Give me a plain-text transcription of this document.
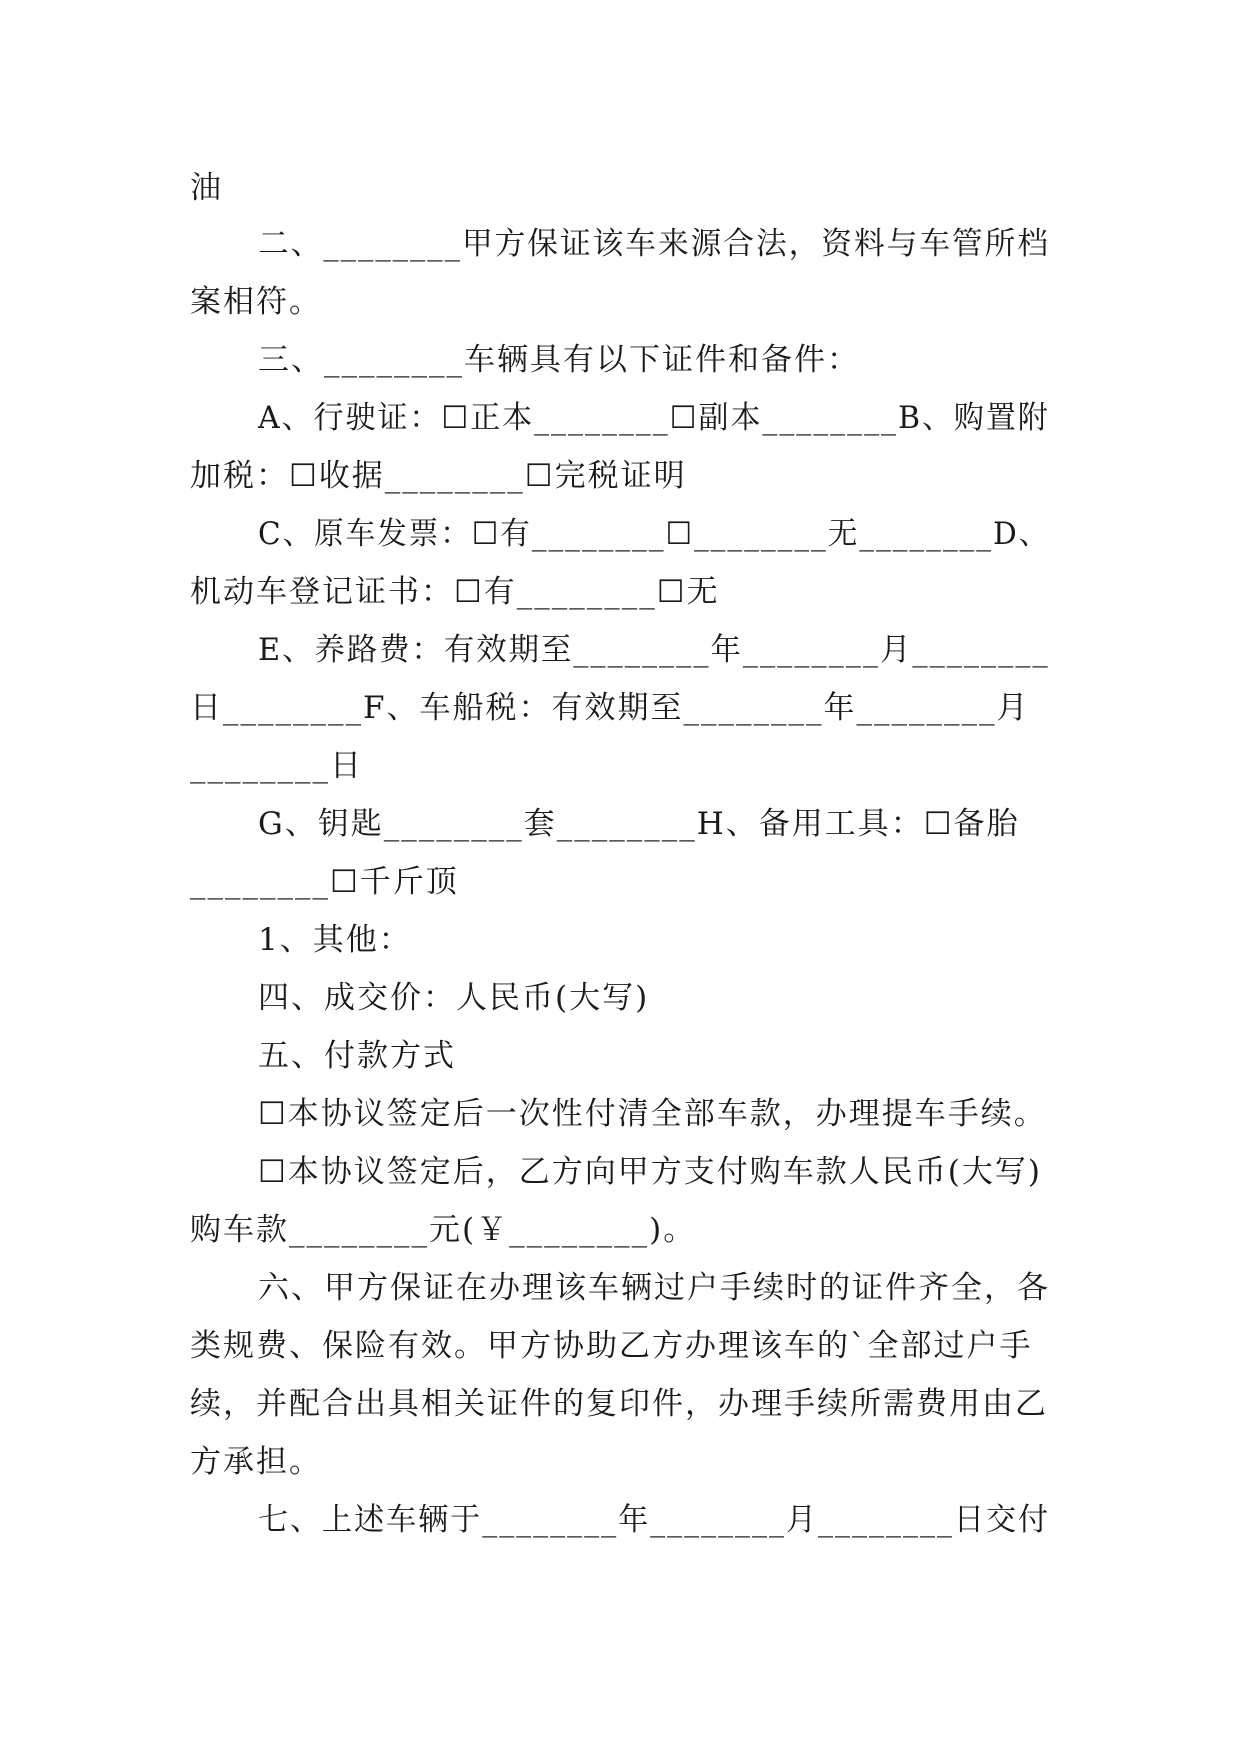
油
二、________甲方保证该车来源合法，资料与车管所档
案相符。
三、________车辆具有以下证件和备件：
A、行驶证：☐正本________☐副本________B、购置附
加税：☐收据________☐完税证明
C、原车发票：☐有________☐________无________D、
机动车登记证书：☐有________☐无
E、养路费：有效期至________年________月________
日________F、车船税：有效期至________年________月
________日
G、钥匙________套________H、备用工具：☐备胎
________☐千斤顶
1、其他：
四、成交价：人民币(大写)
五、付款方式
☐本协议签定后一次性付清全部车款，办理提车手续。
☐本协议签定后，乙方向甲方支付购车款人民币(大写)
购车款________元(￥________)。
六、甲方保证在办理该车辆过户手续时的证件齐全，各
类规费、保险有效。甲方协助乙方办理该车的`全部过户手
续，并配合出具相关证件的复印件，办理手续所需费用由乙
方承担。
七、上述车辆于________年________月________日交付
